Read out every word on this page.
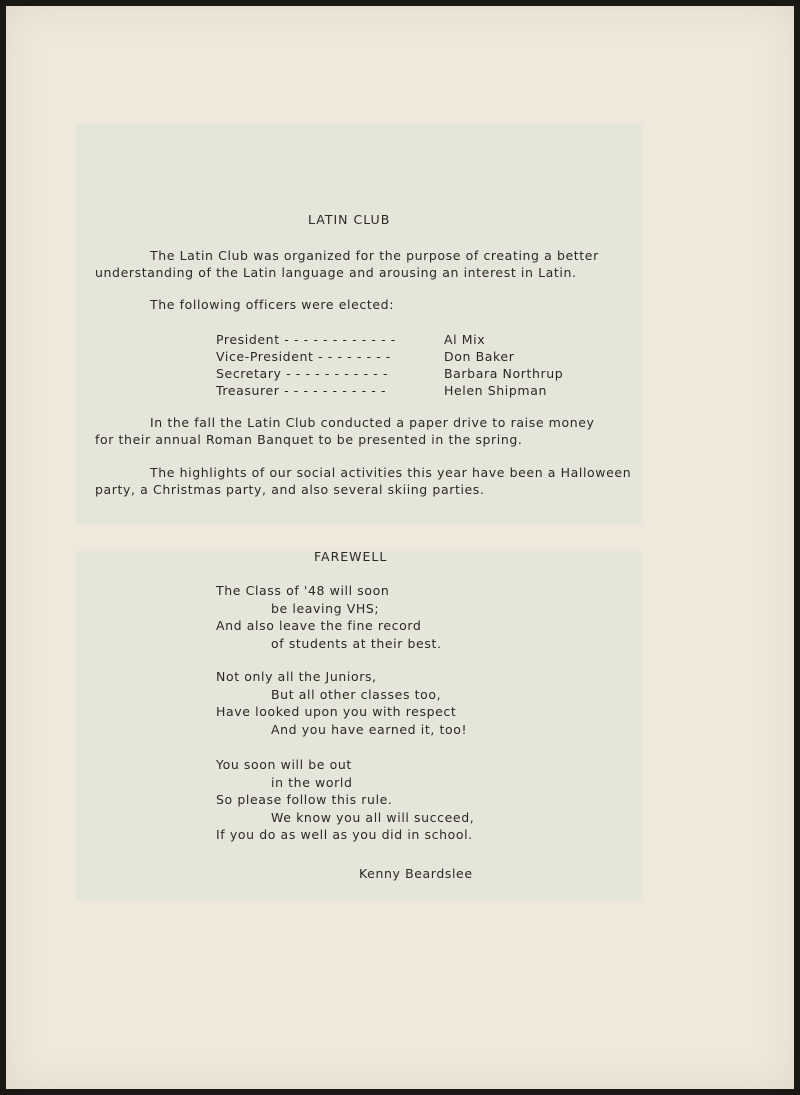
LATIN CLUB
The Latin Club was organized for the purpose of creating a better
understanding of the Latin language and arousing an interest in Latin.
The following officers were elected:
President - - - - - - - - - - - -	Al Mix
Vice-President - - - - - - - -	Don Baker
Secretary - - - - - - - - - - -	Barbara Northrup
Treasurer - - - - - - - - - - -	Helen Shipman
In the fall the Latin Club conducted a paper drive to raise money
for their annual Roman Banquet to be presented in the spring.
The highlights of our social activities this year have been a Halloween
party, a Christmas party, and also several skiing parties.
FAREWELL
The Class of '48 will soon
be leaving VHS;
And also leave the fine record
of students at their best.
Not only all the Juniors,
But all other classes too,
Have looked upon you with respect
And you have earned it, too!
You soon will be out
in the world
So please follow this rule.
We know you all will succeed,
If you do as well as you did in school.
Kenny Beardslee
